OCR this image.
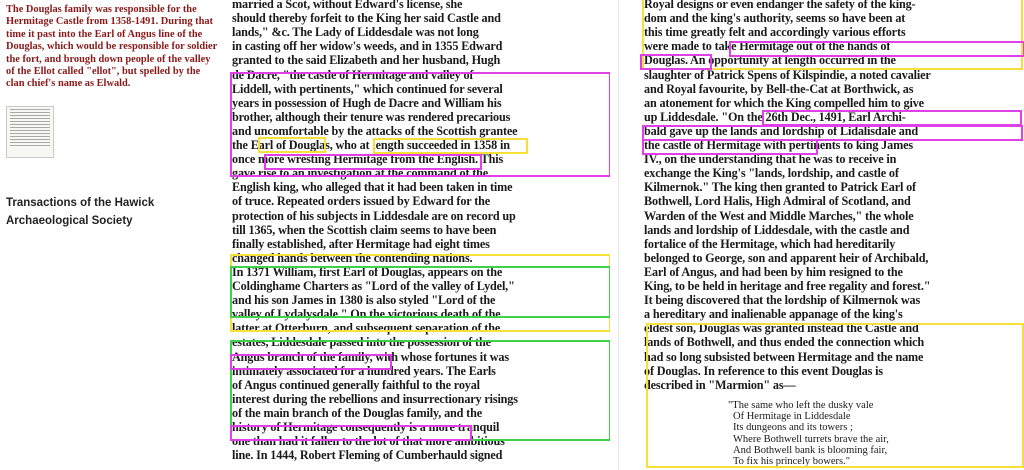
The Douglas family was responsible for the Hermitage Castle from 1358-1491. During that time it past into the Earl of Angus line of the Douglas, which would be responsible for soldier the fort, and brough down people of the valley of the Ellot called "ellot", but spelled by the clan chief's name as Elwald.

Transactions of the Hawick Archaeological Society
married a Scot, without Edward's license, she
should thereby forfeit to the King her said Castle and
lands," &c. The Lady of Liddesdale was not long
in casting off her widow's weeds, and in 1355 Edward
granted to the said Elizabeth and her husband, Hugh
de Dacre, "the castle of Hermitage and valley of
Liddell, with pertinents," which continued for several
years in possession of Hugh de Dacre and William his
brother, although their tenure was rendered precarious
and uncomfortable by the attacks of the Scottish grantee
the Earl of Douglas, who at length succeeded in 1358 in
once more wresting Hermitage from the English. This
gave rise to an investigation at the command of the
English king, who alleged that it had been taken in time
of truce. Repeated orders issued by Edward for the
protection of his subjects in Liddesdale are on record up
till 1365, when the Scottish claim seems to have been
finally established, after Hermitage had eight times
changed hands between the contending nations.
In 1371 William, first Earl of Douglas, appears on the
Coldinghame Charters as "Lord of the valley of Lydel,"
and his son James in 1380 is also styled "Lord of the
valley of Lydalysdale." On the victorious death of the
latter at Otterburn, and subsequent separation of the
estates, Liddesdale passed into the possession of the
Angus branch of the family, with whose fortunes it was
intimately associated for a hundred years. The Earls
of Angus continued generally faithful to the royal
interest during the rebellions and insurrectionary risings
of the main branch of the Douglas family, and the
history of Hermitage consequently is a more tranquil
one than had it fallen to the lot of that more ambitious
line. In 1444, Robert Fleming of Cumberhauld signed
Royal designs or even endanger the safety of the king-
dom and the king's authority, seems so have been at
this time greatly felt and accordingly various efforts
were made to take Hermitage out of the hands of
Douglas. An opportunity at length occurred in the
slaughter of Patrick Spens of Kilspindie, a noted cavalier
and Royal favourite, by Bell-the-Cat at Borthwick, as
an atonement for which the King compelled him to give
up Liddesdale. "On the 26th Dec., 1491, Earl Archi-
bald gave up the lands and lordship of Lidalisdale and
the castle of Hermitage with pertinents to king James
IV., on the understanding that he was to receive in
exchange the King's "lands, lordship, and castle of
Kilmernok." The king then granted to Patrick Earl of
Bothwell, Lord Halis, High Admiral of Scotland, and
Warden of the West and Middle Marches," the whole
lands and lordship of Liddesdale, with the castle and
fortalice of the Hermitage, which had hereditarily
belonged to George, son and apparent heir of Archibald,
Earl of Angus, and had been by him resigned to the
King, to be held in heritage and free regality and forest."
It being discovered that the lordship of Kilmernok was
a hereditary and inalienable appanage of the king's
eldest son, Douglas was granted instead the Castle and
lands of Bothwell, and thus ended the connection which
had so long subsisted between Hermitage and the name
of Douglas. In reference to this event Douglas is
described in "Marmion" as—
"The same who left the dusky vale
Of Hermitage in Liddesdale
Its dungeons and its towers ;
Where Bothwell turrets brave the air,
And Bothwell bank is blooming fair,
To fix his princely bowers."
